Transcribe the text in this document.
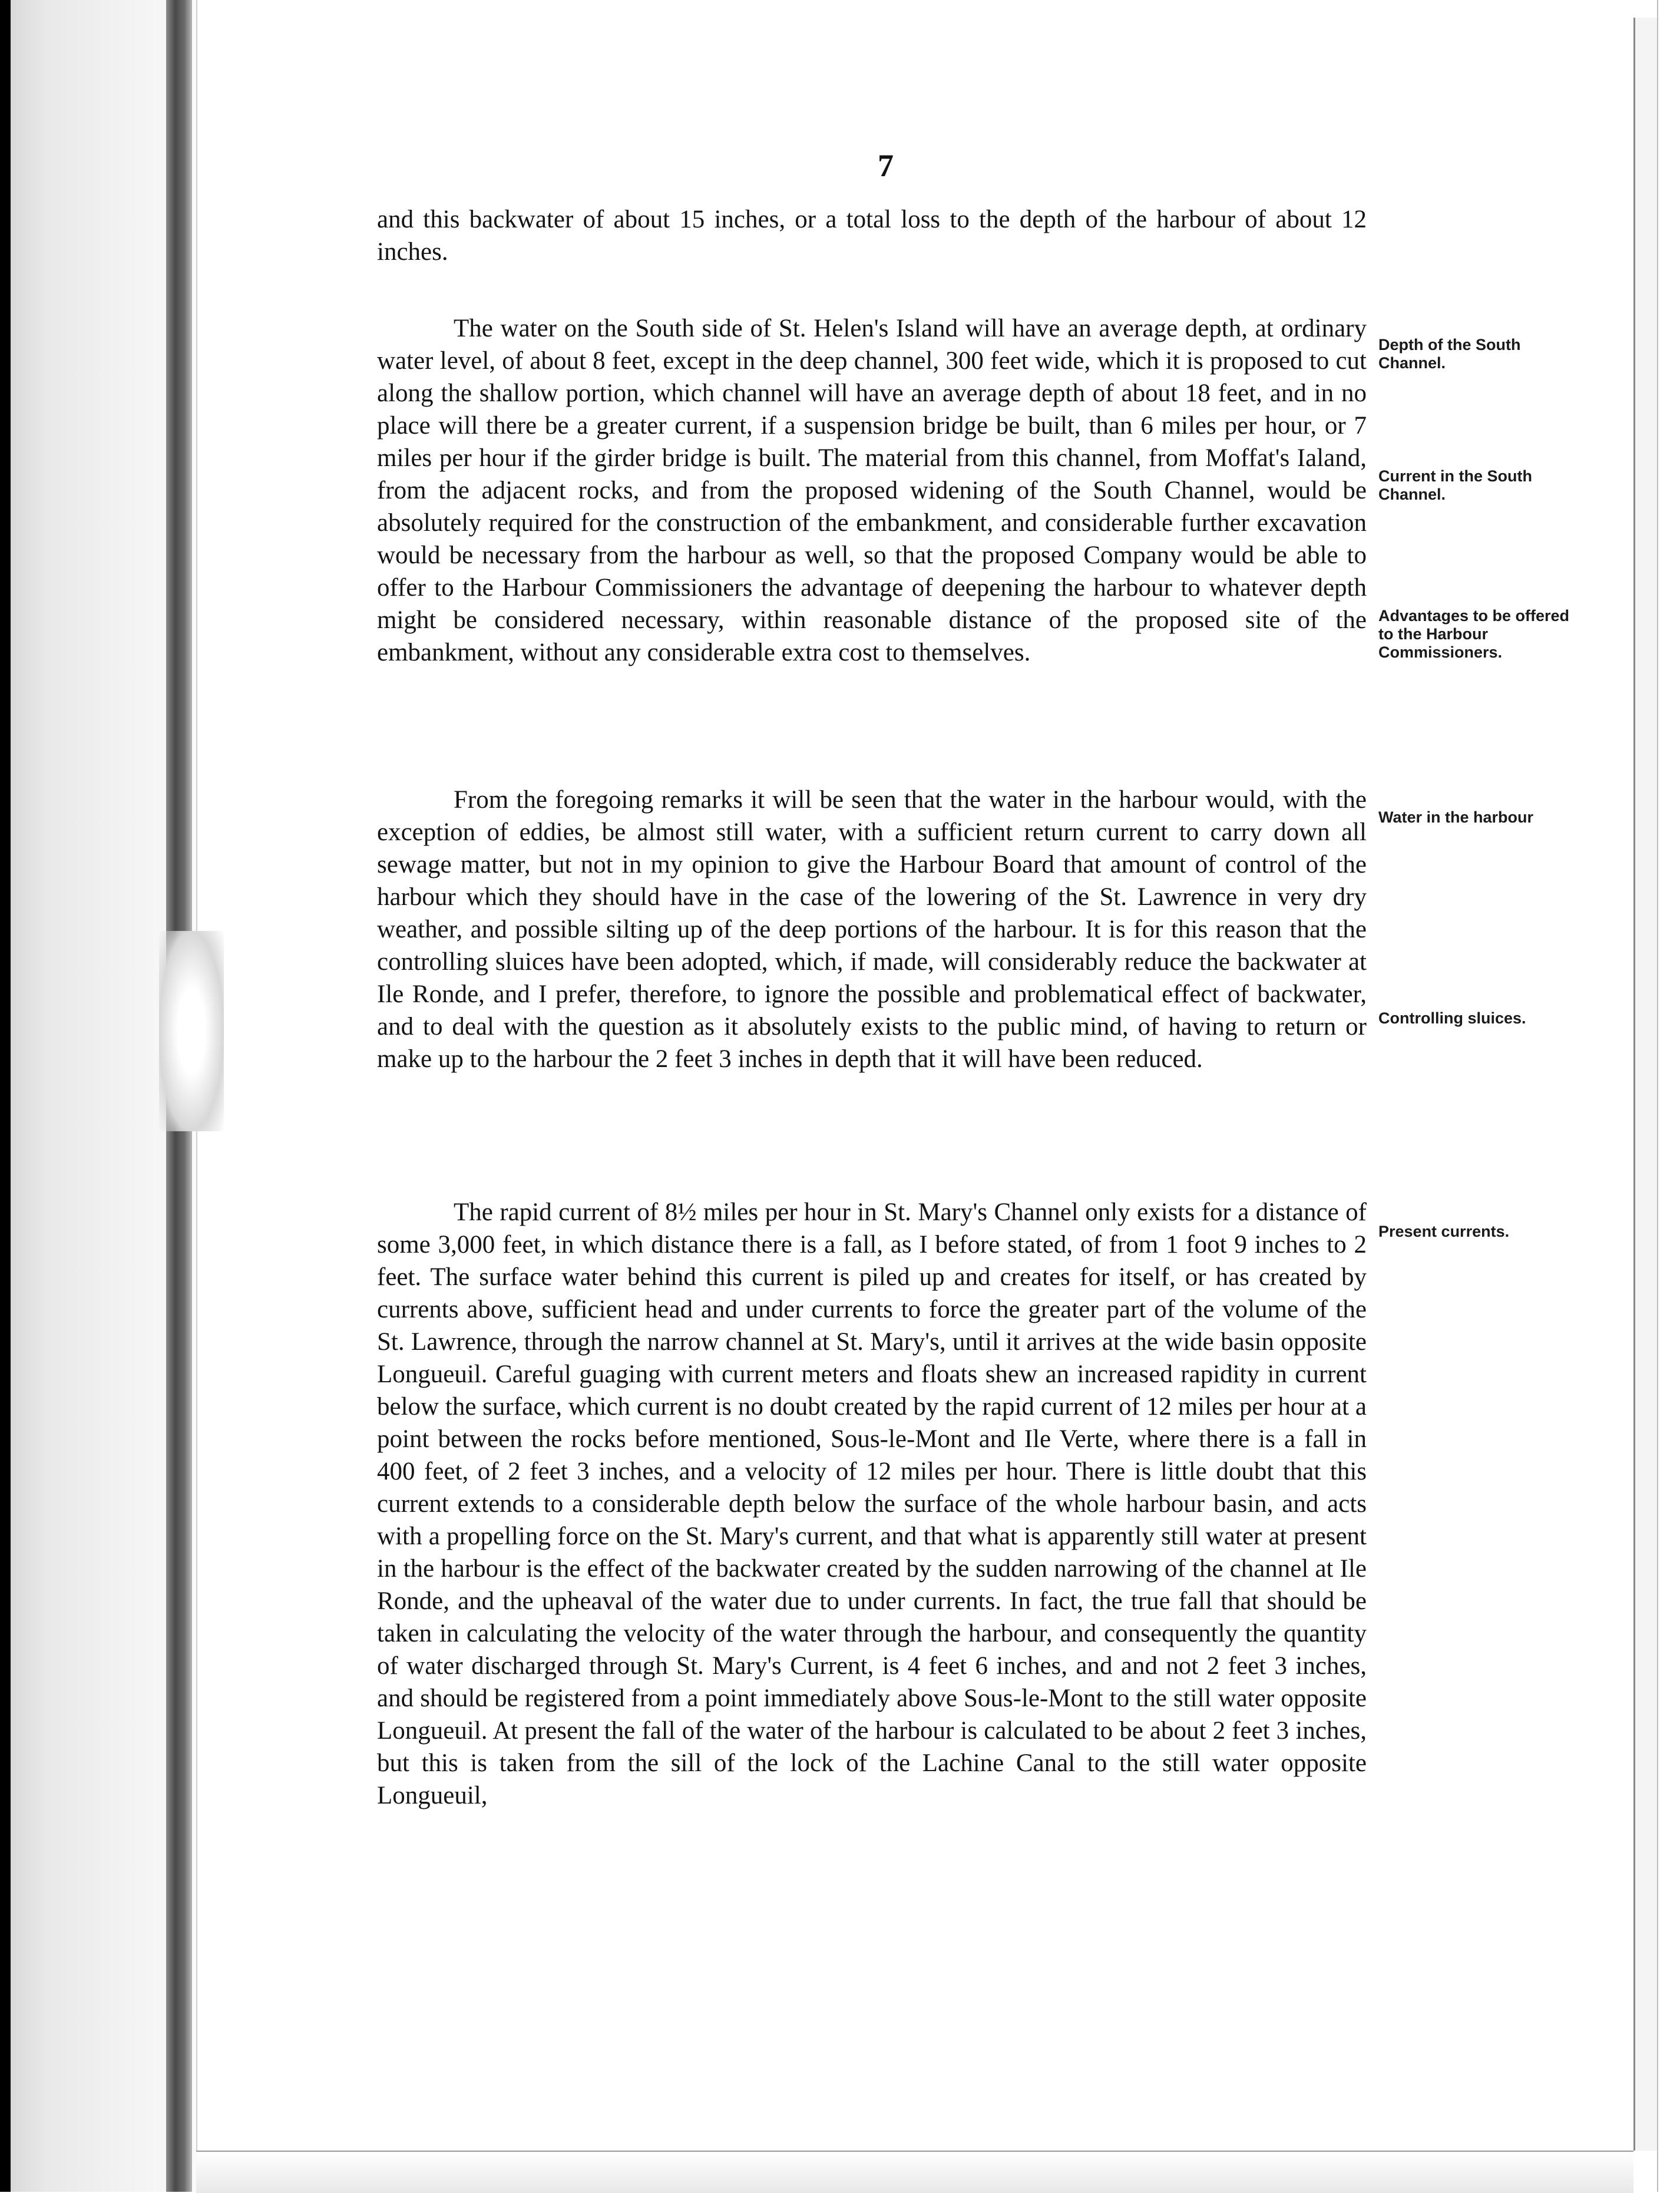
7

and this backwater of about 15 inches, or a total loss to the depth of the harbour of about 12 inches.

The water on the South side of St. Helen's Island will have an average depth, at ordinary water level, of about 8 feet, except in the deep channel, 300 feet wide, which it is proposed to cut along the shallow portion, which channel will have an average depth of about 18 feet, and in no place will there be a greater current, if a suspension bridge be built, than 6 miles per hour, or 7 miles per hour if the girder bridge is built. The material from this channel, from Moffat's Ialand, from the adjacent rocks, and from the proposed widening of the South Channel, would be absolutely required for the construction of the embankment, and considerable further excavation would be necessary from the harbour as well, so that the proposed Company would be able to offer to the Harbour Commissioners the advantage of deepening the harbour to whatever depth might be considered necessary, within reasonable distance of the proposed site of the embankment, without any considerable extra cost to themselves.

From the foregoing remarks it will be seen that the water in the harbour would, with the exception of eddies, be almost still water, with a sufficient return current to carry down all sewage matter, but not in my opinion to give the Harbour Board that amount of control of the harbour which they should have in the case of the lowering of the St. Lawrence in very dry weather, and possible silting up of the deep portions of the harbour. It is for this reason that the controlling sluices have been adopted, which, if made, will considerably reduce the backwater at Ile Ronde, and I prefer, therefore, to ignore the possible and problematical effect of backwater, and to deal with the question as it absolutely exists to the public mind, of having to return or make up to the harbour the 2 feet 3 inches in depth that it will have been reduced.

The rapid current of 8½ miles per hour in St. Mary's Channel only exists for a distance of some 3,000 feet, in which distance there is a fall, as I before stated, of from 1 foot 9 inches to 2 feet. The surface water behind this current is piled up and creates for itself, or has created by currents above, sufficient head and under currents to force the greater part of the volume of the St. Lawrence, through the narrow channel at St. Mary's, until it arrives at the wide basin opposite Longueuil. Careful guaging with current meters and floats shew an increased rapidity in current below the surface, which current is no doubt created by the rapid current of 12 miles per hour at a point between the rocks before mentioned, Sous-le-Mont and Ile Verte, where there is a fall in 400 feet, of 2 feet 3 inches, and a velocity of 12 miles per hour. There is little doubt that this current extends to a considerable depth below the surface of the whole harbour basin, and acts with a propelling force on the St. Mary's current, and that what is apparently still water at present in the harbour is the effect of the backwater created by the sudden narrowing of the channel at Ile Ronde, and the upheaval of the water due to under currents. In fact, the true fall that should be taken in calculating the velocity of the water through the harbour, and consequently the quantity of water discharged through St. Mary's Current, is 4 feet 6 inches, and and not 2 feet 3 inches, and should be registered from a point immediately above Sous-le-Mont to the still water opposite Longueuil. At present the fall of the water of the harbour is calculated to be about 2 feet 3 inches, but this is taken from the sill of the lock of the Lachine Canal to the still water opposite Longueuil,

Depth of the South Channel.
Current in the South Channel.
Advantages to be offered to the Harbour Commissioners.
Water in the harbour
Controlling sluices.
Present currents.
